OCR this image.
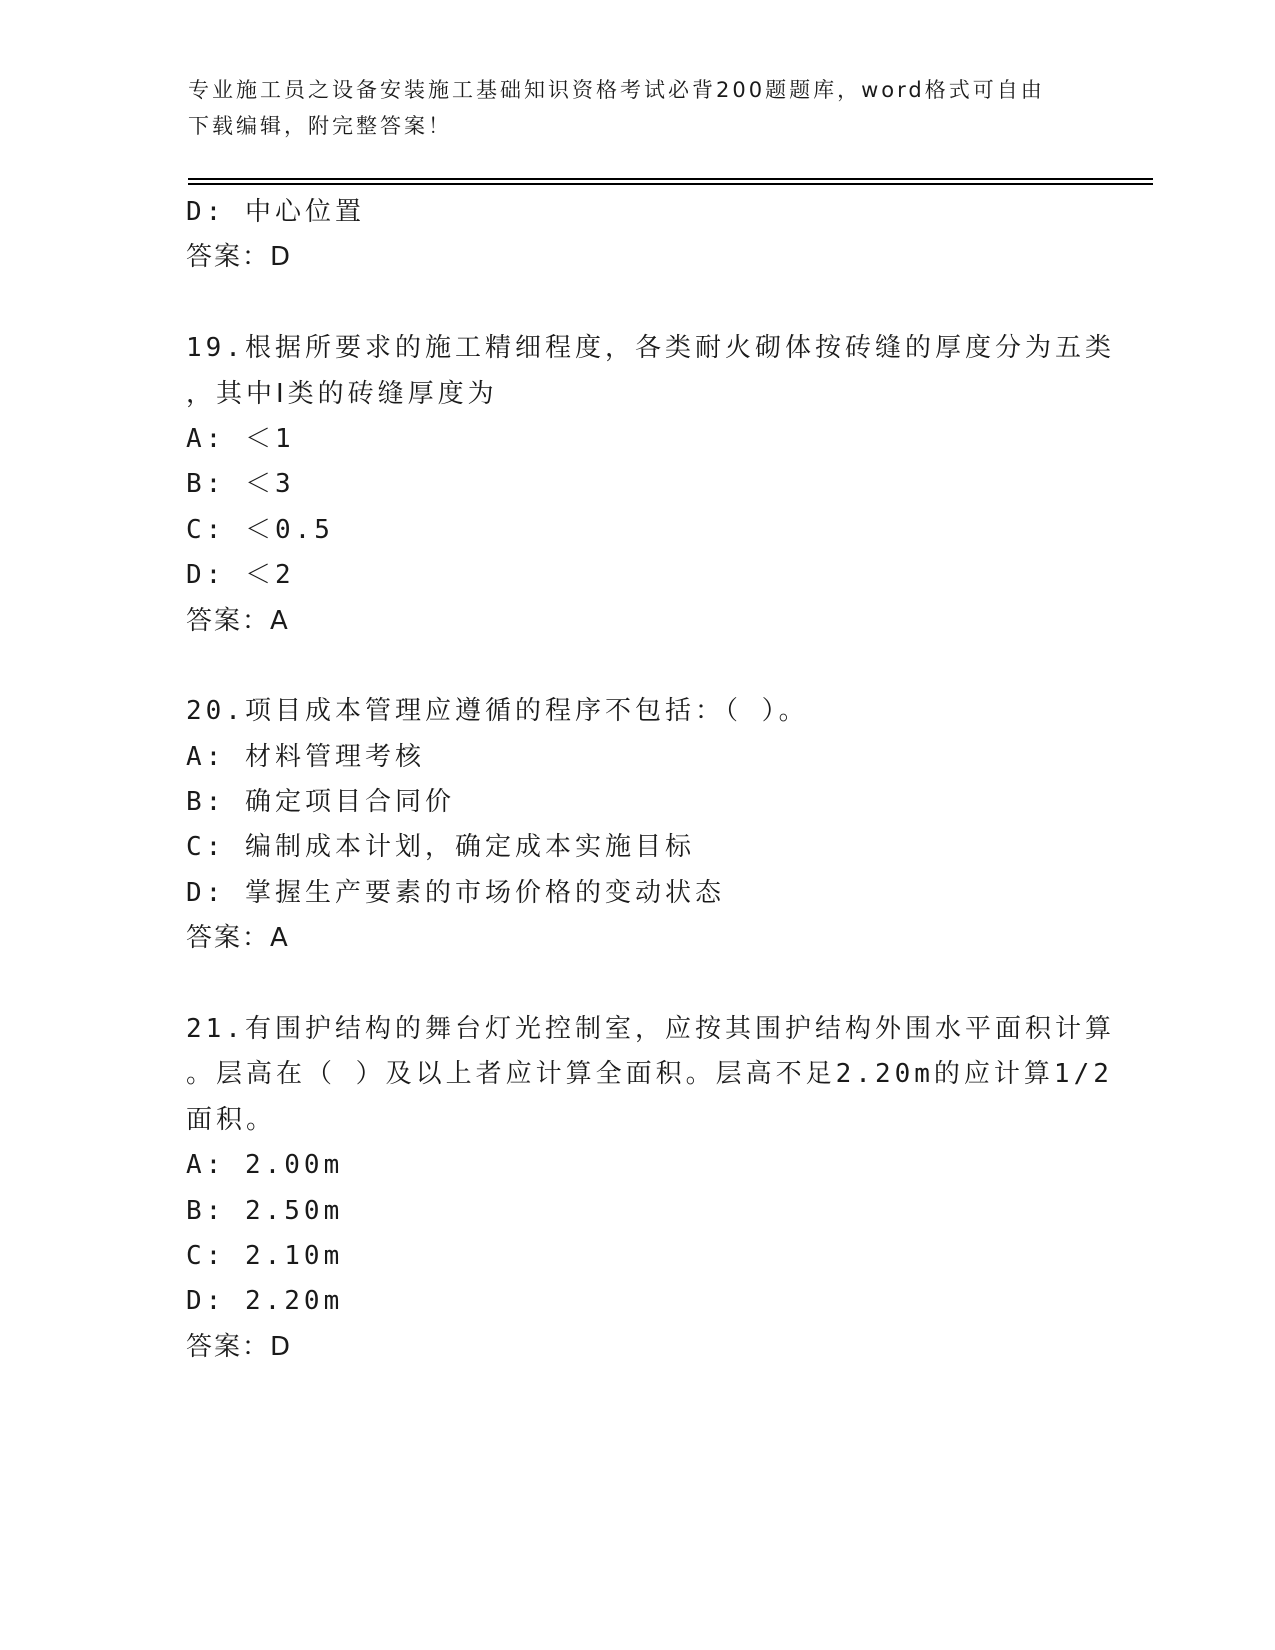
专业施工员之设备安装施工基础知识资格考试必背200题题库，word格式可自由
下载编辑，附完整答案！
D: 中心位置
答案：D
19.根据所要求的施工精细程度，各类耐火砌体按砖缝的厚度分为五类
，其中Ⅰ类的砖缝厚度为
A: ＜1
B: ＜3
C: ＜0.5
D: ＜2
答案：A
20.项目成本管理应遵循的程序不包括：（ ）。
A: 材料管理考核
B: 确定项目合同价
C: 编制成本计划，确定成本实施目标
D: 掌握生产要素的市场价格的变动状态
答案：A
21.有围护结构的舞台灯光控制室，应按其围护结构外围水平面积计算
。层高在（ ）及以上者应计算全面积。层高不足2.20m的应计算1/2
面积。
A: 2.00m
B: 2.50m
C: 2.10m
D: 2.20m
答案：D
